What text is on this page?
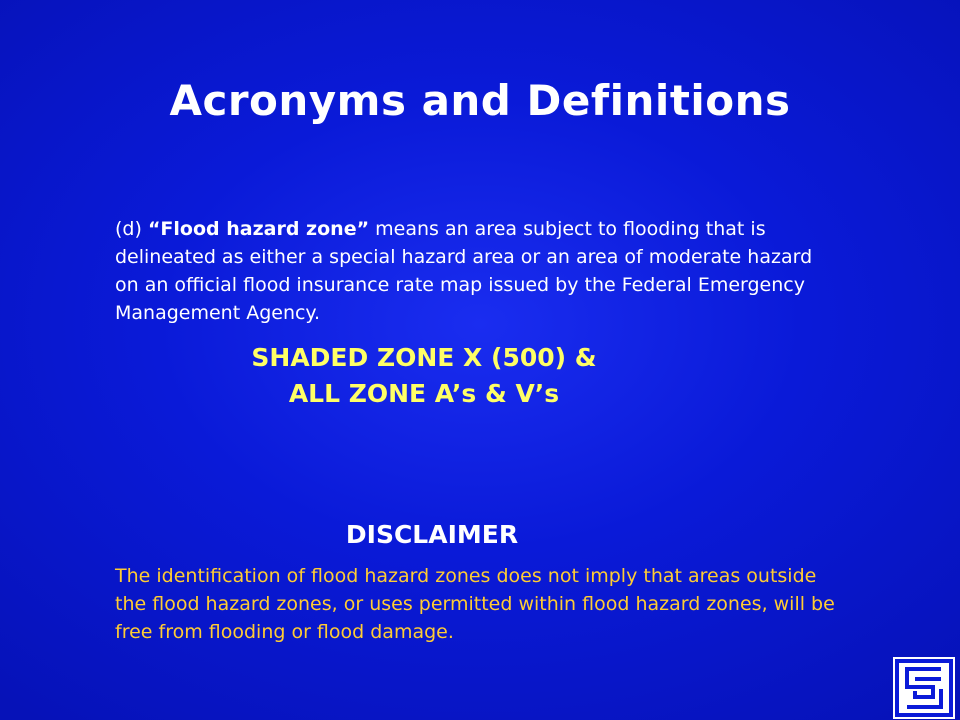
Acronyms and Definitions
(d) “Flood hazard zone” means an area subject to flooding that is delineated as either a special hazard area or an area of moderate hazard on an official flood insurance rate map issued by the Federal Emergency Management Agency.
SHADED ZONE X (500) &
ALL ZONE A’s & V’s
DISCLAIMER
The identification of flood hazard zones does not imply that areas outside the flood hazard zones, or uses permitted within flood hazard zones, will be free from flooding or flood damage.
